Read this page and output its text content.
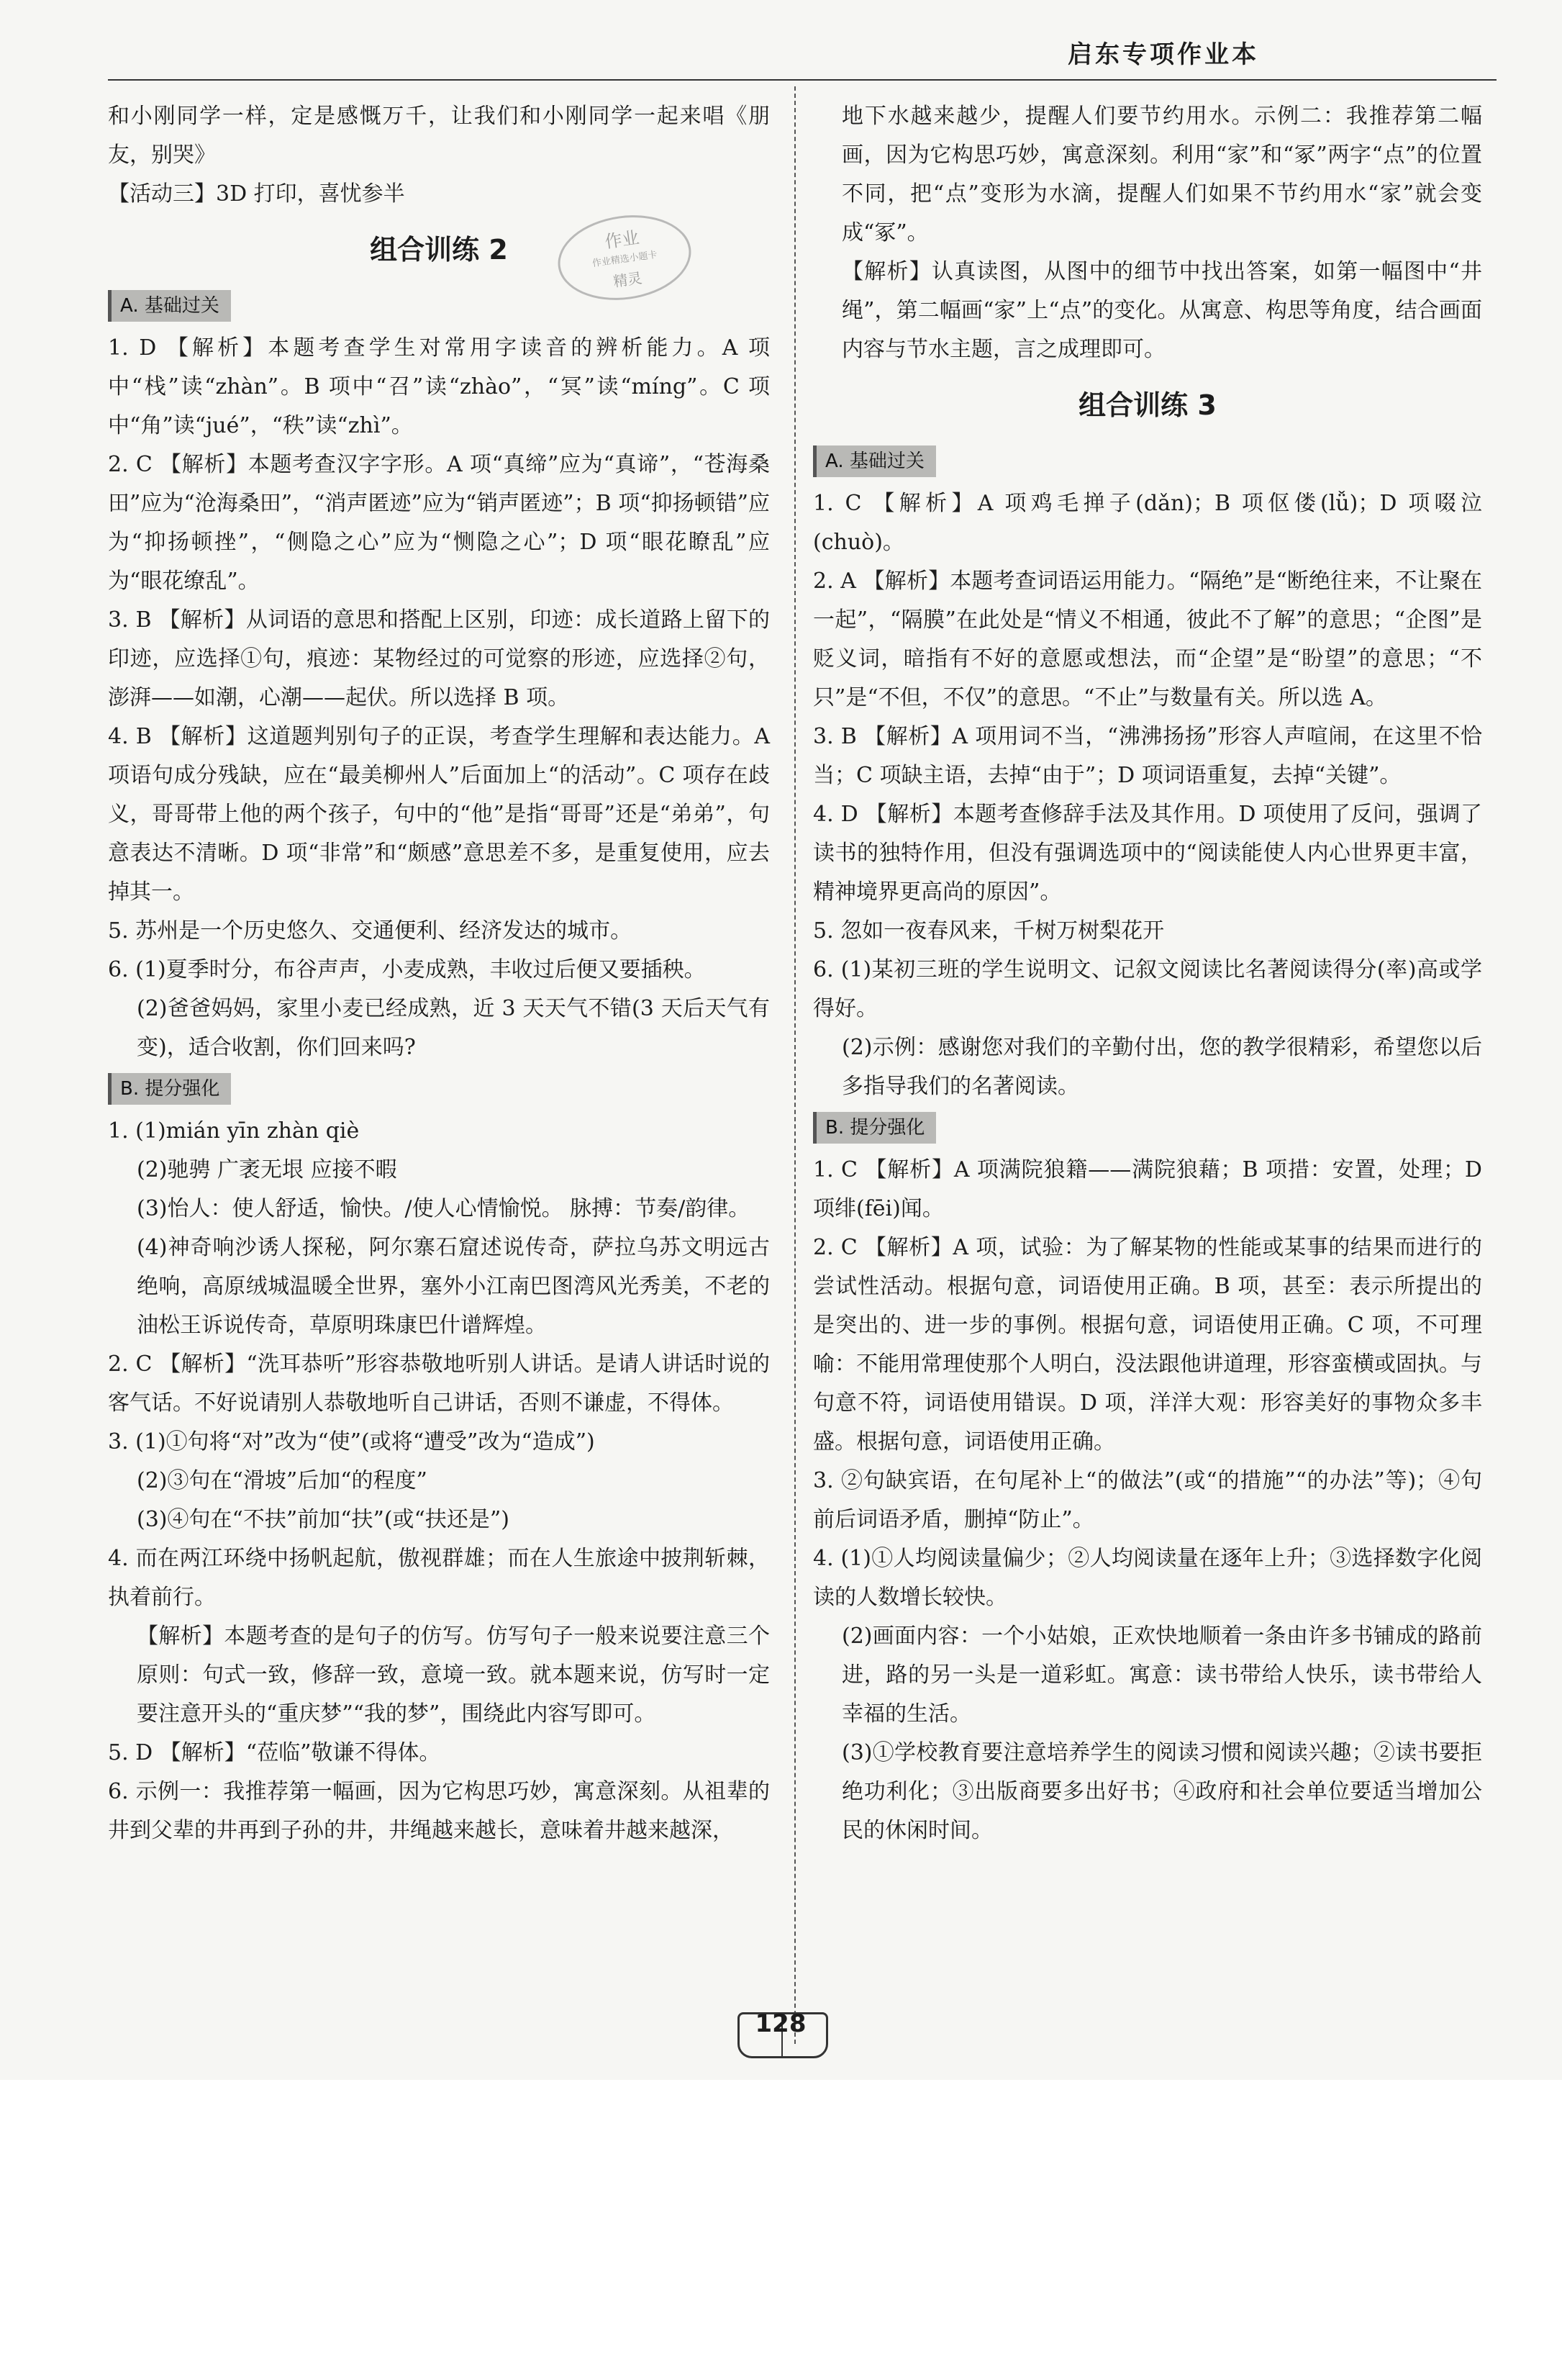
启东专项作业本
作业
作业精选小题卡
精灵

和小刚同学一样，定是感慨万千，让我们和小刚同学一起来唱《朋友，别哭》

【活动三】3D 打印，喜忧参半

组合训练 2
A. 基础过关

1. D 【解析】本题考查学生对常用字读音的辨析能力。A 项中“栈”读“zhàn”。B 项中“召”读“zhào”，“冥”读“míng”。C 项中“角”读“jué”，“秩”读“zhì”。

2. C 【解析】本题考查汉字字形。A 项“真缔”应为“真谛”，“苍海桑田”应为“沧海桑田”，“消声匿迹”应为“销声匿迹”；B 项“抑扬顿错”应为“抑扬顿挫”，“侧隐之心”应为“恻隐之心”；D 项“眼花瞭乱”应为“眼花缭乱”。

3. B 【解析】从词语的意思和搭配上区别，印迹：成长道路上留下的印迹，应选择①句，痕迹：某物经过的可觉察的形迹，应选择②句，澎湃——如潮，心潮——起伏。所以选择 B 项。

4. B 【解析】这道题判别句子的正误，考查学生理解和表达能力。A 项语句成分残缺，应在“最美柳州人”后面加上“的活动”。C 项存在歧义，哥哥带上他的两个孩子，句中的“他”是指“哥哥”还是“弟弟”，句意表达不清晰。D 项“非常”和“颇感”意思差不多，是重复使用，应去掉其一。

5. 苏州是一个历史悠久、交通便利、经济发达的城市。

6. (1)夏季时分，布谷声声，小麦成熟，丰收过后便又要插秧。

(2)爸爸妈妈，家里小麦已经成熟，近 3 天天气不错(3 天后天气有变)，适合收割，你们回来吗?

B. 提分强化

1. (1)mián yīn zhàn qiè

(2)驰骋 广袤无垠 应接不暇

(3)怡人：使人舒适，愉快。/使人心情愉悦。 脉搏：节奏/韵律。

(4)神奇响沙诱人探秘，阿尔寨石窟述说传奇，萨拉乌苏文明远古绝响，高原绒城温暖全世界，塞外小江南巴图湾风光秀美，不老的油松王诉说传奇，草原明珠康巴什谱辉煌。

2. C 【解析】“洗耳恭听”形容恭敬地听别人讲话。是请人讲话时说的客气话。不好说请别人恭敬地听自己讲话，否则不谦虚，不得体。

3. (1)①句将“对”改为“使”(或将“遭受”改为“造成”)

(2)③句在“滑坡”后加“的程度”

(3)④句在“不扶”前加“扶”(或“扶还是”)

4. 而在两江环绕中扬帆起航，傲视群雄；而在人生旅途中披荆斩棘，执着前行。

【解析】本题考查的是句子的仿写。仿写句子一般来说要注意三个原则：句式一致，修辞一致，意境一致。就本题来说，仿写时一定要注意开头的“重庆梦”“我的梦”，围绕此内容写即可。

5. D 【解析】“莅临”敬谦不得体。

6. 示例一：我推荐第一幅画，因为它构思巧妙，寓意深刻。从祖辈的井到父辈的井再到子孙的井，井绳越来越长，意味着井越来越深，

地下水越来越少，提醒人们要节约用水。示例二：我推荐第二幅画，因为它构思巧妙，寓意深刻。利用“家”和“冢”两字“点”的位置不同，把“点”变形为水滴，提醒人们如果不节约用水“家”就会变成“冢”。

【解析】认真读图，从图中的细节中找出答案，如第一幅图中“井绳”，第二幅画“家”上“点”的变化。从寓意、构思等角度，结合画面内容与节水主题，言之成理即可。

组合训练 3
A. 基础过关

1. C 【解析】A 项鸡毛掸子(dǎn)；B 项伛偻(lǚ)；D 项啜泣(chuò)。

2. A 【解析】本题考查词语运用能力。“隔绝”是“断绝往来，不让聚在一起”，“隔膜”在此处是“情义不相通，彼此不了解”的意思；“企图”是贬义词，暗指有不好的意愿或想法，而“企望”是“盼望”的意思；“不只”是“不但，不仅”的意思。“不止”与数量有关。所以选 A。

3. B 【解析】A 项用词不当，“沸沸扬扬”形容人声喧闹，在这里不恰当；C 项缺主语，去掉“由于”；D 项词语重复，去掉“关键”。

4. D 【解析】本题考查修辞手法及其作用。D 项使用了反问，强调了读书的独特作用，但没有强调选项中的“阅读能使人内心世界更丰富，精神境界更高尚的原因”。

5. 忽如一夜春风来，千树万树梨花开

6. (1)某初三班的学生说明文、记叙文阅读比名著阅读得分(率)高或学得好。

(2)示例：感谢您对我们的辛勤付出，您的教学很精彩，希望您以后多指导我们的名著阅读。

B. 提分强化

1. C 【解析】A 项满院狼籍——满院狼藉；B 项措：安置，处理；D 项绯(fēi)闻。

2. C 【解析】A 项，试验：为了解某物的性能或某事的结果而进行的尝试性活动。根据句意，词语使用正确。B 项，甚至：表示所提出的是突出的、进一步的事例。根据句意，词语使用正确。C 项，不可理喻：不能用常理使那个人明白，没法跟他讲道理，形容蛮横或固执。与句意不符，词语使用错误。D 项，洋洋大观：形容美好的事物众多丰盛。根据句意，词语使用正确。

3. ②句缺宾语，在句尾补上“的做法”(或“的措施”“的办法”等)；④句前后词语矛盾，删掉“防止”。

4. (1)①人均阅读量偏少；②人均阅读量在逐年上升；③选择数字化阅读的人数增长较快。

(2)画面内容：一个小姑娘，正欢快地顺着一条由许多书铺成的路前进，路的另一头是一道彩虹。寓意：读书带给人快乐，读书带给人幸福的生活。

(3)①学校教育要注意培养学生的阅读习惯和阅读兴趣；②读书要拒绝功利化；③出版商要多出好书；④政府和社会单位要适当增加公民的休闲时间。

128
